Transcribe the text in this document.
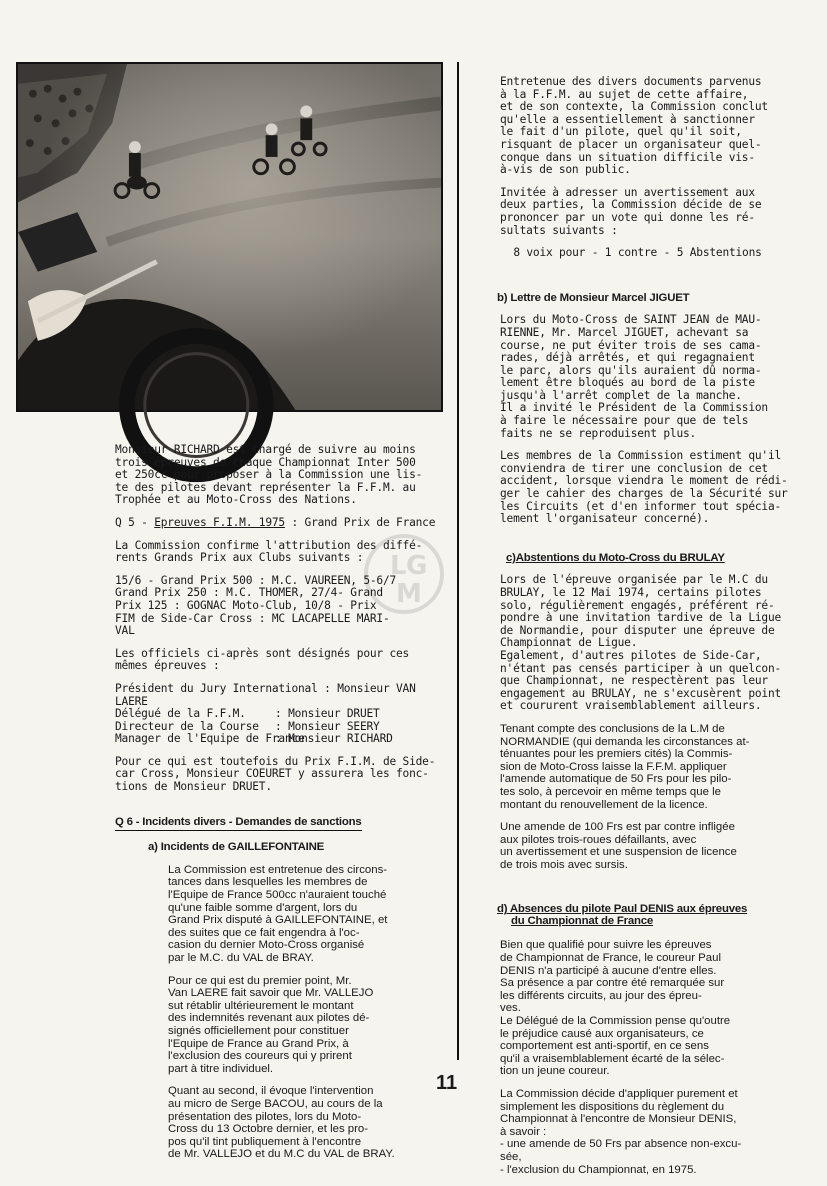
L G
M
Monsieur RICHARD est chargé de suivre au moins
trois épreuves de chaque Championnat Inter 500
et 250cc pour proposer à la Commission une lis-
te des pilotes devant représenter la F.F.M. au
Trophée et au Moto-Cross des Nations.
Q 5 - Epreuves F.I.M. 1975 : Grand Prix de France
La Commission confirme l'attribution des diffé-
rents Grands Prix aux Clubs suivants :
15/6 - Grand Prix 500 : M.C. VAUREEN, 5-6/7
Grand Prix 250 : M.C. THOMER, 27/4- Grand
Prix 125 : GOGNAC Moto-Club, 10/8 - Prix
FIM de Side-Car Cross : MC LACAPELLE MARI-
VAL
Les officiels ci-après sont désignés pour ces
mêmes épreuves :
Président du Jury International : Monsieur VAN
LAERE
Délégué de la F.F.M.	: Monsieur DRUET
Directeur de la Course	: Monsieur SEERY
Manager de l'Equipe de France
: Monsieur RICHARD
Pour ce qui est toutefois du Prix F.I.M. de Side-
car Cross, Monsieur COEURET y assurera les fonc-
tions de Monsieur DRUET.
Q 6 - Incidents divers - Demandes de sanctions
a) Incidents de GAILLEFONTAINE
La Commission est entretenue des circons-
tances dans lesquelles les membres de
l'Equipe de France 500cc n'auraient touché
qu'une faible somme d'argent, lors du
Grand Prix disputé à GAILLEFONTAINE, et
des suites que ce fait engendra à l'oc-
casion du dernier Moto-Cross organisé
par le M.C. du VAL de BRAY.
Pour ce qui est du premier point, Mr.
Van LAERE fait savoir que Mr. VALLEJO
sut rétablir ultérieurement le montant
des indemnités revenant aux pilotes dé-
signés officiellement pour constituer
l'Equipe de France au Grand Prix, à
l'exclusion des coureurs qui y prirent
part à titre individuel.
Quant au second, il évoque l'intervention
au micro de Serge BACOU, au cours de la
présentation des pilotes, lors du Moto-
Cross du 13 Octobre dernier, et les pro-
pos qu'il tint publiquement à l'encontre
de Mr. VALLEJO et du M.C du VAL de BRAY.
Entretenue des divers documents parvenus
à la F.F.M. au sujet de cette affaire,
et de son contexte, la Commission conclut
qu'elle a essentiellement à sanctionner
le fait d'un pilote, quel qu'il soit,
risquant de placer un organisateur quel-
conque dans un situation difficile vis-
à-vis de son public.
Invitée à adresser un avertissement aux
deux parties, la Commission décide de se
prononcer par un vote qui donne les ré-
sultats suivants :
8 voix pour - 1 contre - 5 Abstentions
b) Lettre de Monsieur Marcel JIGUET
Lors du Moto-Cross de SAINT JEAN de MAU-
RIENNE, Mr. Marcel JIGUET, achevant sa
course, ne put éviter trois de ses cama-
rades, déjà arrêtés, et qui regagnaient
le parc, alors qu'ils auraient dû norma-
lement être bloqués au bord de la piste
jusqu'à l'arrêt complet de la manche.
Il a invité le Président de la Commission
à faire le nécessaire pour que de tels
faits ne se reproduisent plus.
Les membres de la Commission estiment qu'il
conviendra de tirer une conclusion de cet
accident, lorsque viendra le moment de rédi-
ger le cahier des charges de la Sécurité sur
les Circuits (et d'en informer tout spécia-
lement l'organisateur concerné).
c)Abstentions du Moto-Cross du BRULAY
Lors de l'épreuve organisée par le M.C du
BRULAY, le 12 Mai 1974, certains pilotes
solo, régulièrement engagés, préférent ré-
pondre à une invitation tardive de la Ligue
de Normandie, pour disputer une épreuve de
Championnat de Ligue.
Egalement, d'autres pilotes de Side-Car,
n'étant pas censés participer à un quelcon-
que Championnat, ne respectèrent pas leur
engagement au BRULAY, ne s'excusèrent point
et coururent vraisemblablement ailleurs.
Tenant compte des conclusions de la L.M de
NORMANDIE (qui demanda les circonstances at-
ténuantes pour les premiers cités) la Commis-
sion de Moto-Cross laisse la F.F.M. appliquer
l'amende automatique de 50 Frs pour les pilo-
tes solo, à percevoir en même temps que le
montant du renouvellement de la licence.
Une amende de 100 Frs est par contre infligée
aux pilotes trois-roues défaillants, avec
un avertissement et une suspension de licence
de trois mois avec sursis.
d) Absences du pilote Paul DENIS aux épreuves
du Championnat de France
Bien que qualifié pour suivre les épreuves
de Championnat de France, le coureur Paul
DENIS n'a participé à aucune d'entre elles.
Sa présence a par contre été remarquée sur
les différents circuits, au jour des épreu-
ves.
Le Délégué de la Commission pense qu'outre
le préjudice causé aux organisateurs, ce
comportement est anti-sportif, en ce sens
qu'il a vraisemblablement écarté de la sélec-
tion un jeune coureur.
La Commission décide d'appliquer purement et
simplement les dispositions du règlement du
Championnat à l'encontre de Monsieur DENIS,
à savoir :
- une amende de 50 Frs par absence non-excu-
sée,
- l'exclusion du Championnat, en 1975.
11
